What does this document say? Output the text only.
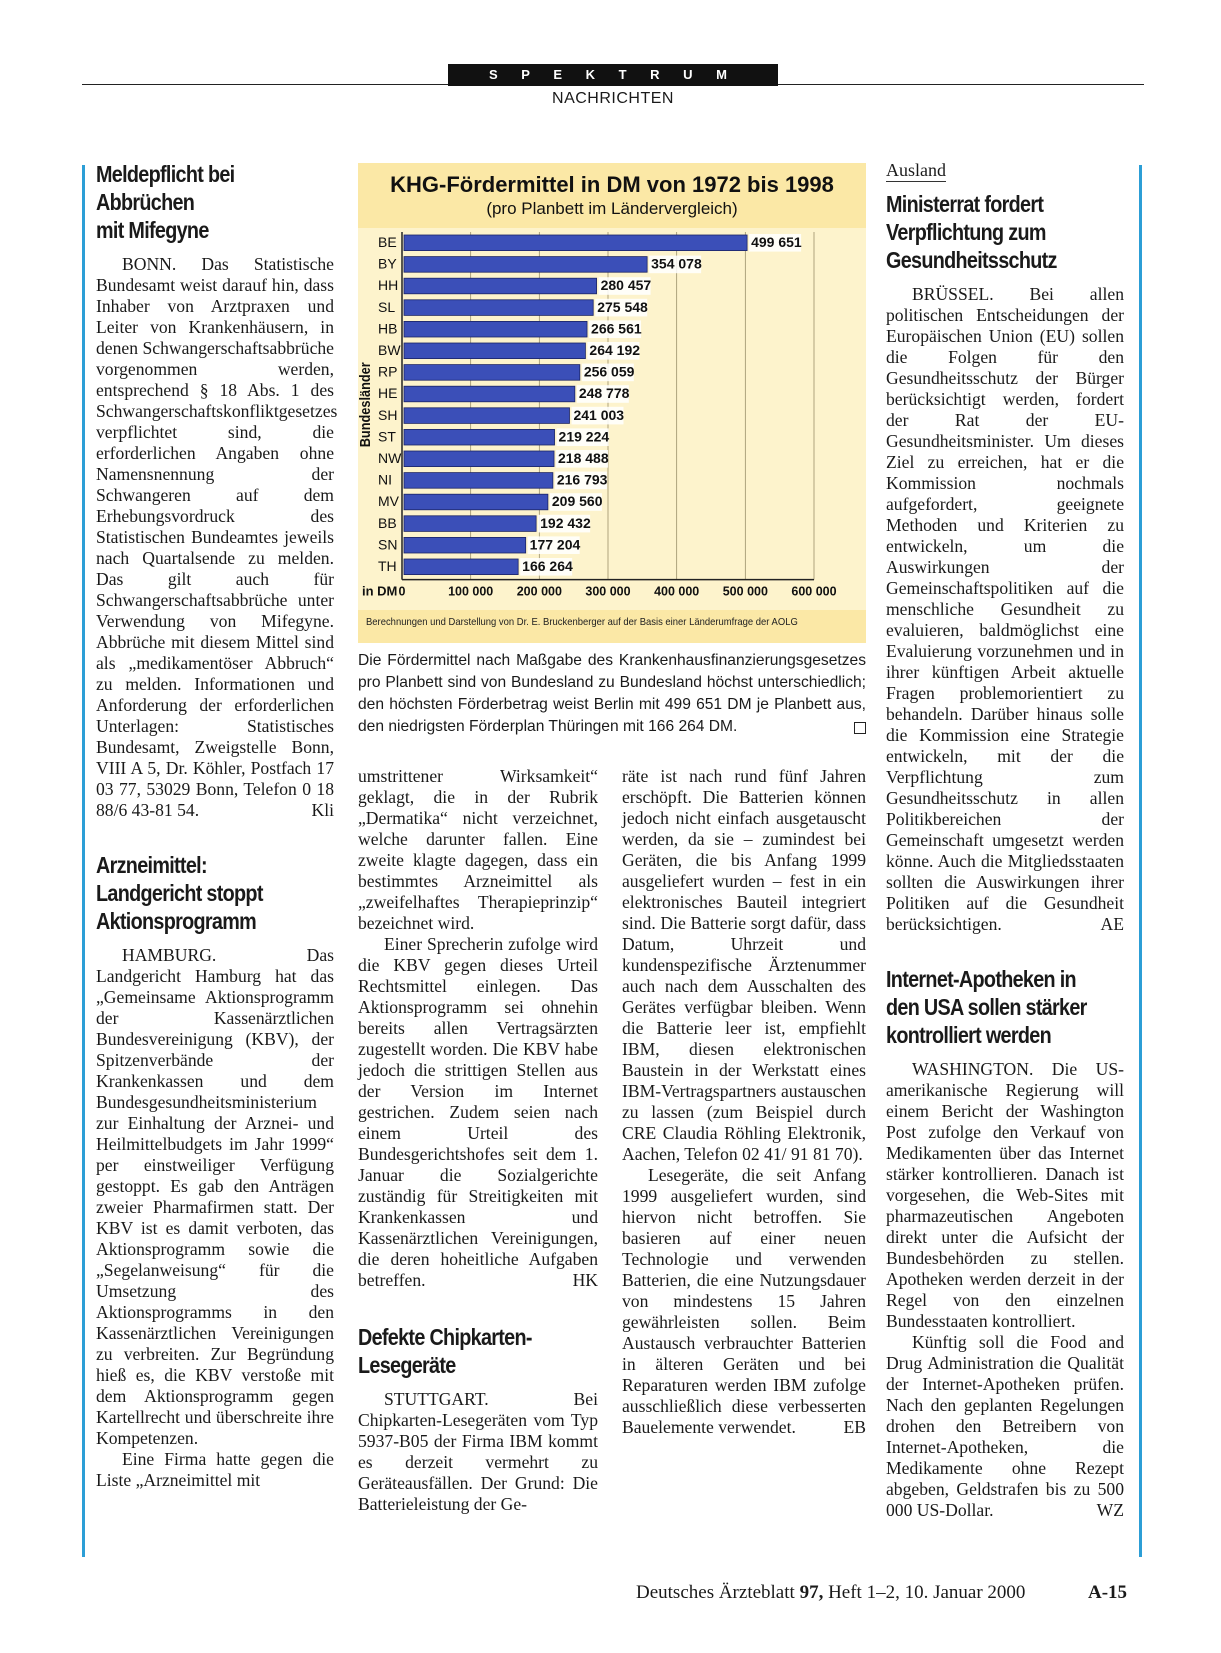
S P E K T R U M
NACHRICHTEN
Meldepflicht bei
Abbrüchen
mit Mifegyne

BONN. Das Statistische Bundesamt weist darauf hin, dass Inhaber von Arztpraxen und Leiter von Krankenhäusern, in denen Schwangerschaftsabbrüche vorgenommen werden, entsprechend § 18 Abs. 1 des Schwangerschaftskonfliktgesetzes verpflichtet sind, die erforderlichen Angaben ohne Namensnennung der Schwangeren auf dem Erhebungsvordruck des Statistischen Bundeamtes jeweils nach Quartalsende zu melden. Das gilt auch für Schwangerschaftsabbrüche unter Verwendung von Mifegyne. Abbrüche mit diesem Mittel sind als „medikamentöser Abbruch“ zu melden. Informationen und Anforderung der erforderlichen Unterlagen: Statistisches Bundesamt, Zweigstelle Bonn, VIII A 5, Dr. Köhler, Postfach 17 03 77, 53029 Bonn, Telefon 0 18 88/6 43-81 54.	Kli

Arzneimittel:
Landgericht stoppt
Aktionsprogramm

HAMBURG. Das Landgericht Hamburg hat das „Gemeinsame Aktionsprogramm der Kassenärztlichen Bundesvereinigung (KBV), der Spitzenverbände der Krankenkassen und dem Bundesgesundheitsministerium zur Einhaltung der Arznei- und Heilmittelbudgets im Jahr 1999“ per einstweiliger Verfügung gestoppt. Es gab den Anträgen zweier Pharmafirmen statt. Der KBV ist es damit verboten, das Aktionsprogramm sowie die „Segelanweisung“ für die Umsetzung des Aktionsprogramms in den Kassenärztlichen Vereinigungen zu verbreiten. Zur Begründung hieß es, die KBV verstoße mit dem Aktionsprogramm gegen Kartellrecht und überschreite ihre Kompetenzen.

Eine Firma hatte gegen die Liste „Arzneimittel mit

KHG-Fördermittel in DM von 1972 bis 1998
(pro Planbett im Ländervergleich)
Bundesländer
BE	499 651
BY	354 078
HH	280 457
SL	275 548
HB	266 561
BW	264 192
RP	256 059
HE	248 778
SH	241 003
ST	219 224
NW	218 488
NI	216 793
MV	209 560
BB	192 432
SN	177 204
TH	166 264
in DM 0	100 000 200 000 300 000 400 000 500 000 600 000
Berechnungen und Darstellung von Dr. E. Bruckenberger auf der Basis einer Länderumfrage der AOLG
Die Fördermittel nach Maßgabe des Krankenhausfinanzierungsgesetzes pro Planbett sind von Bundesland zu Bundesland höchst unterschiedlich; den höchsten Förderbetrag weist Berlin mit 499 651 DM je Planbett aus, den niedrigsten Förderplan Thüringen mit 166 264 DM.

umstrittener Wirksamkeit“ geklagt, die in der Rubrik „Dermatika“ nicht verzeichnet, welche darunter fallen. Eine zweite klagte dagegen, dass ein bestimmtes Arzneimittel als „zweifelhaftes Therapieprinzip“ bezeichnet wird.

Einer Sprecherin zufolge wird die KBV gegen dieses Urteil Rechtsmittel einlegen. Das Aktionsprogramm sei ohnehin bereits allen Vertragsärzten zugestellt worden. Die KBV habe jedoch die strittigen Stellen aus der Version im Internet gestrichen. Zudem seien nach einem Urteil des Bundesgerichtshofes seit dem 1. Januar die Sozialgerichte zuständig für Streitigkeiten mit Krankenkassen und Kassenärztlichen Vereinigungen, die deren hoheitliche Aufgaben betreffen.	HK

Defekte Chipkarten-
Lesegeräte

STUTTGART. Bei Chipkarten-Lesegeräten vom Typ 5937-B05 der Firma IBM kommt es derzeit vermehrt zu Geräteausfällen. Der Grund: Die Batterieleistung der Ge-

räte ist nach rund fünf Jahren erschöpft. Die Batterien können jedoch nicht einfach ausgetauscht werden, da sie – zumindest bei Geräten, die bis Anfang 1999 ausgeliefert wurden – fest in ein elektronisches Bauteil integriert sind. Die Batterie sorgt dafür, dass Datum, Uhrzeit und kundenspezifische Ärztenummer auch nach dem Ausschalten des Gerätes verfügbar bleiben. Wenn die Batterie leer ist, empfiehlt IBM, diesen elektronischen Baustein in der Werkstatt eines IBM-Vertragspartners austauschen zu lassen (zum Beispiel durch CRE Claudia Röhling Elektronik, Aachen, Telefon 02 41/ 91 81 70).

Lesegeräte, die seit Anfang 1999 ausgeliefert wurden, sind hiervon nicht betroffen. Sie basieren auf einer neuen Technologie und verwenden Batterien, die eine Nutzungsdauer von mindestens 15 Jahren gewährleisten sollen. Beim Austausch verbrauchter Batterien in älteren Geräten und bei Reparaturen werden IBM zufolge ausschließlich diese verbesserten Bauelemente verwendet.	EB

Ausland
Ministerrat fordert
Verpflichtung zum
Gesundheitsschutz

BRÜSSEL. Bei allen politischen Entscheidungen der Europäischen Union (EU) sollen die Folgen für den Gesundheitsschutz der Bürger berücksichtigt werden, fordert der Rat der EU-Gesundheitsminister. Um dieses Ziel zu erreichen, hat er die Kommission nochmals aufgefordert, geeignete Methoden und Kriterien zu entwickeln, um die Auswirkungen der Gemeinschaftspolitiken auf die menschliche Gesundheit zu evaluieren, baldmöglichst eine Evaluierung vorzunehmen und in ihrer künftigen Arbeit aktuelle Fragen problemorientiert zu behandeln. Darüber hinaus solle die Kommission eine Strategie entwickeln, mit der die Verpflichtung zum Gesundheitsschutz in allen Politikbereichen der Gemeinschaft umgesetzt werden könne. Auch die Mitgliedsstaaten sollten die Auswirkungen ihrer Politiken auf die Gesundheit berücksichtigen.	AE

Internet-Apotheken in
den USA sollen stärker
kontrolliert werden

WASHINGTON. Die US-amerikanische Regierung will einem Bericht der Washington Post zufolge den Verkauf von Medikamenten über das Internet stärker kontrollieren. Danach ist vorgesehen, die Web-Sites mit pharmazeutischen Angeboten direkt unter die Aufsicht der Bundesbehörden zu stellen. Apotheken werden derzeit in der Regel von den einzelnen Bundesstaaten kontrolliert.

Künftig soll die Food and Drug Administration die Qualität der Internet-Apotheken prüfen. Nach den geplanten Regelungen drohen den Betreibern von Internet-Apotheken, die Medikamente ohne Rezept abgeben, Geldstrafen bis zu 500 000 US-Dollar.	WZ

Deutsches Ärzteblatt 97, Heft 1–2, 10. Januar 2000	A-15
